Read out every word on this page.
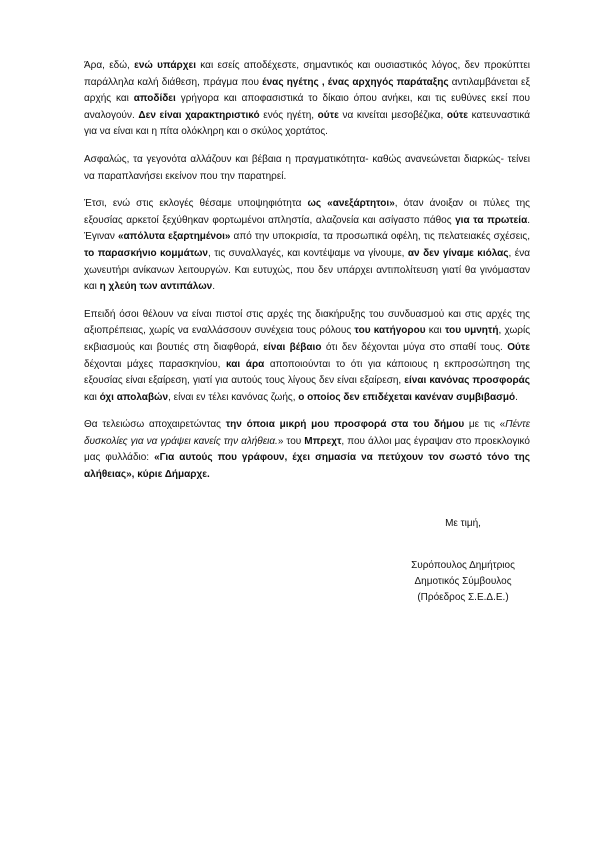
Άρα, εδώ, ενώ υπάρχει και εσείς αποδέχεστε, σημαντικός και ουσιαστικός λόγος, δεν προκύπτει παράλληλα καλή διάθεση, πράγμα που ένας ηγέτης , ένας αρχηγός παράταξης αντιλαμβάνεται εξ αρχής και αποδίδει γρήγορα και αποφασιστικά το δίκαιο όπου ανήκει, και τις ευθύνες εκεί που αναλογούν. Δεν είναι χαρακτηριστικό ενός ηγέτη, ούτε να κινείται μεσοβέζικα, ούτε κατευναστικά για να είναι και η πίτα ολόκληρη και ο σκύλος χορτάτος.

Ασφαλώς, τα γεγονότα αλλάζουν και βέβαια η πραγματικότητα- καθώς ανανεώνεται διαρκώς- τείνει να παραπλανήσει εκείνον που την παρατηρεί.

Έτσι, ενώ στις εκλογές θέσαμε υποψηφιότητα ως «ανεξάρτητοι», όταν άνοιξαν οι πύλες της εξουσίας αρκετοί ξεχύθηκαν φορτωμένοι απληστία, αλαζονεία και ασίγαστο πάθος για τα πρωτεία. Έγιναν «απόλυτα εξαρτημένοι» από την υποκρισία, τα προσωπικά οφέλη, τις πελατειακές σχέσεις, το παρασκήνιο κομμάτων, τις συναλλαγές, και κοντέψαμε να γίνουμε, αν δεν γίναμε κιόλας, ένα χωνευτήρι ανίκανων λειτουργών. Και ευτυχώς, που δεν υπάρχει αντιπολίτευση γιατί θα γινόμασταν και η χλεύη των αντιπάλων.

Επειδή όσοι θέλουν να είναι πιστοί στις αρχές της διακήρυξης του συνδυασμού και στις αρχές της αξιοπρέπειας, χωρίς να εναλλάσσουν συνέχεια τους ρόλους του κατήγορου και του υμνητή, χωρίς εκβιασμούς και βουτιές στη διαφθορά, είναι βέβαιο ότι δεν δέχονται μύγα στο σπαθί τους. Ούτε δέχονται μάχες παρασκηνίου, και άρα αποποιούνται το ότι για κάποιους η εκπροσώπηση της εξουσίας είναι εξαίρεση, γιατί για αυτούς τους λίγους δεν είναι εξαίρεση, είναι κανόνας προσφοράς και όχι απολαβών, είναι εν τέλει κανόνας ζωής, ο οποίος δεν επιδέχεται κανέναν συμβιβασμό.

Θα τελειώσω αποχαιρετώντας την όποια μικρή μου προσφορά στα του δήμου με τις «Πέντε δυσκολίες για να γράψει κανείς την αλήθεια.» του Μπρεχτ, που άλλοι μας έγραψαν στο προεκλογικό μας φυλλάδιο: «Για αυτούς που γράφουν, έχει σημασία να πετύχουν τον σωστό τόνο της αλήθειας», κύριε Δήμαρχε.

Με τιμή,
Συρόπουλος Δημήτριος
Δημοτικός Σύμβουλος
(Πρόεδρος Σ.Ε.Δ.Ε.)
